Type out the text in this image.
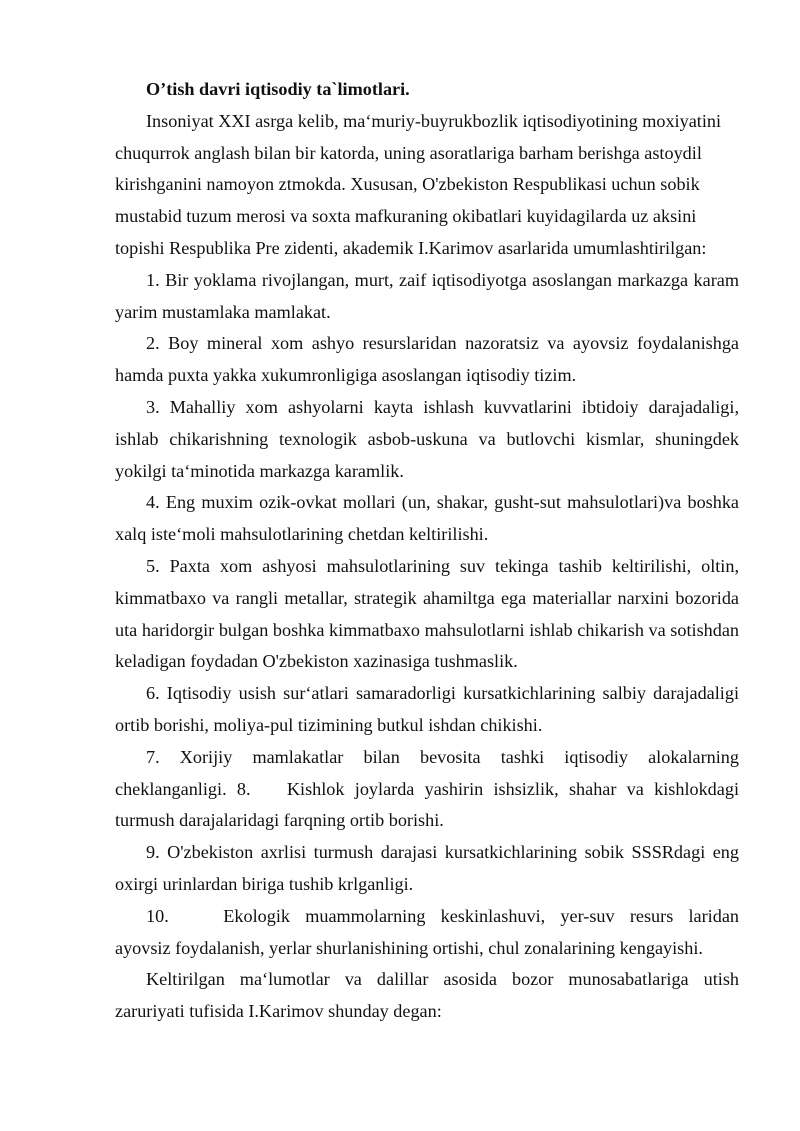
O’tish davri iqtisodiy ta`limotlari.

Insoniyat XXI asrga kelib, maʻmuriy-buyrukbozlik iqtisodiyotining moxiyatini chuqurrok anglash bilan bir katorda, uning asoratlariga barham berishga astoydil kirishganini namoyon ztmokda. Xususan, O'zbekiston Respublikasi uchun sobik mustabid tuzum merosi va soxta mafkuraning okibatlari kuyidagilarda uz aksini topishi Respublika Pre zidenti, akademik I.Karimov asarlarida umumlashtirilgan:

1. Bir yoklama rivojlangan, murt, zaif iqtisodiyotga asoslangan markazga karam yarim mustamlaka mamlakat.

2. Boy mineral xom ashyo resurslaridan nazoratsiz va ayovsiz foydalanishga hamda puxta yakka xukumronligiga asoslangan iqtisodiy tizim.

3. Mahalliy xom ashyolarni kayta ishlash kuvvatlarini ibtidoiy darajadaligi, ishlab chikarishning texnologik asbob-uskuna va butlovchi kismlar, shuningdek yokilgi taʻminotida markazga karamlik.

4. Eng muxim ozik-ovkat mollari (un, shakar, gusht-sut mahsulotlari)va boshka xalq isteʻmoli mahsulotlarining chetdan keltirilishi.

5. Paxta xom ashyosi mahsulotlarining suv tekinga tashib keltirilishi, oltin, kimmatbaxo va rangli metallar, strategik ahamiltga ega materiallar narxini bozorida uta haridorgir bulgan boshka kimmatbaxo mahsulotlarni ishlab chikarish va sotishdan keladigan foydadan O'zbekiston xazinasiga tushmaslik.

6. Iqtisodiy usish surʻatlari samaradorligi kursatkichlarining salbiy darajadaligi ortib borishi, moliya-pul tizimining butkul ishdan chikishi.

7. Xorijiy mamlakatlar bilan bevosita tashki iqtisodiy alokalarning cheklanganligi. 8.  Kishlok joylarda yashirin ishsizlik, shahar va kishlokdagi turmush darajalaridagi farqning ortib borishi.

9. O'zbekiston axrlisi turmush darajasi kursatkichlarining sobik SSSRdagi eng oxirgi urinlardan biriga tushib krlganligi.

10.   Ekologik muammolarning keskinlashuvi, yer-suv resurs laridan ayovsiz foydalanish, yerlar shurlanishining ortishi, chul zonalarining kengayishi.

Keltirilgan maʻlumotlar va dalillar asosida bozor munosabatlariga utish zaruriyati tufisida I.Karimov shunday degan:
